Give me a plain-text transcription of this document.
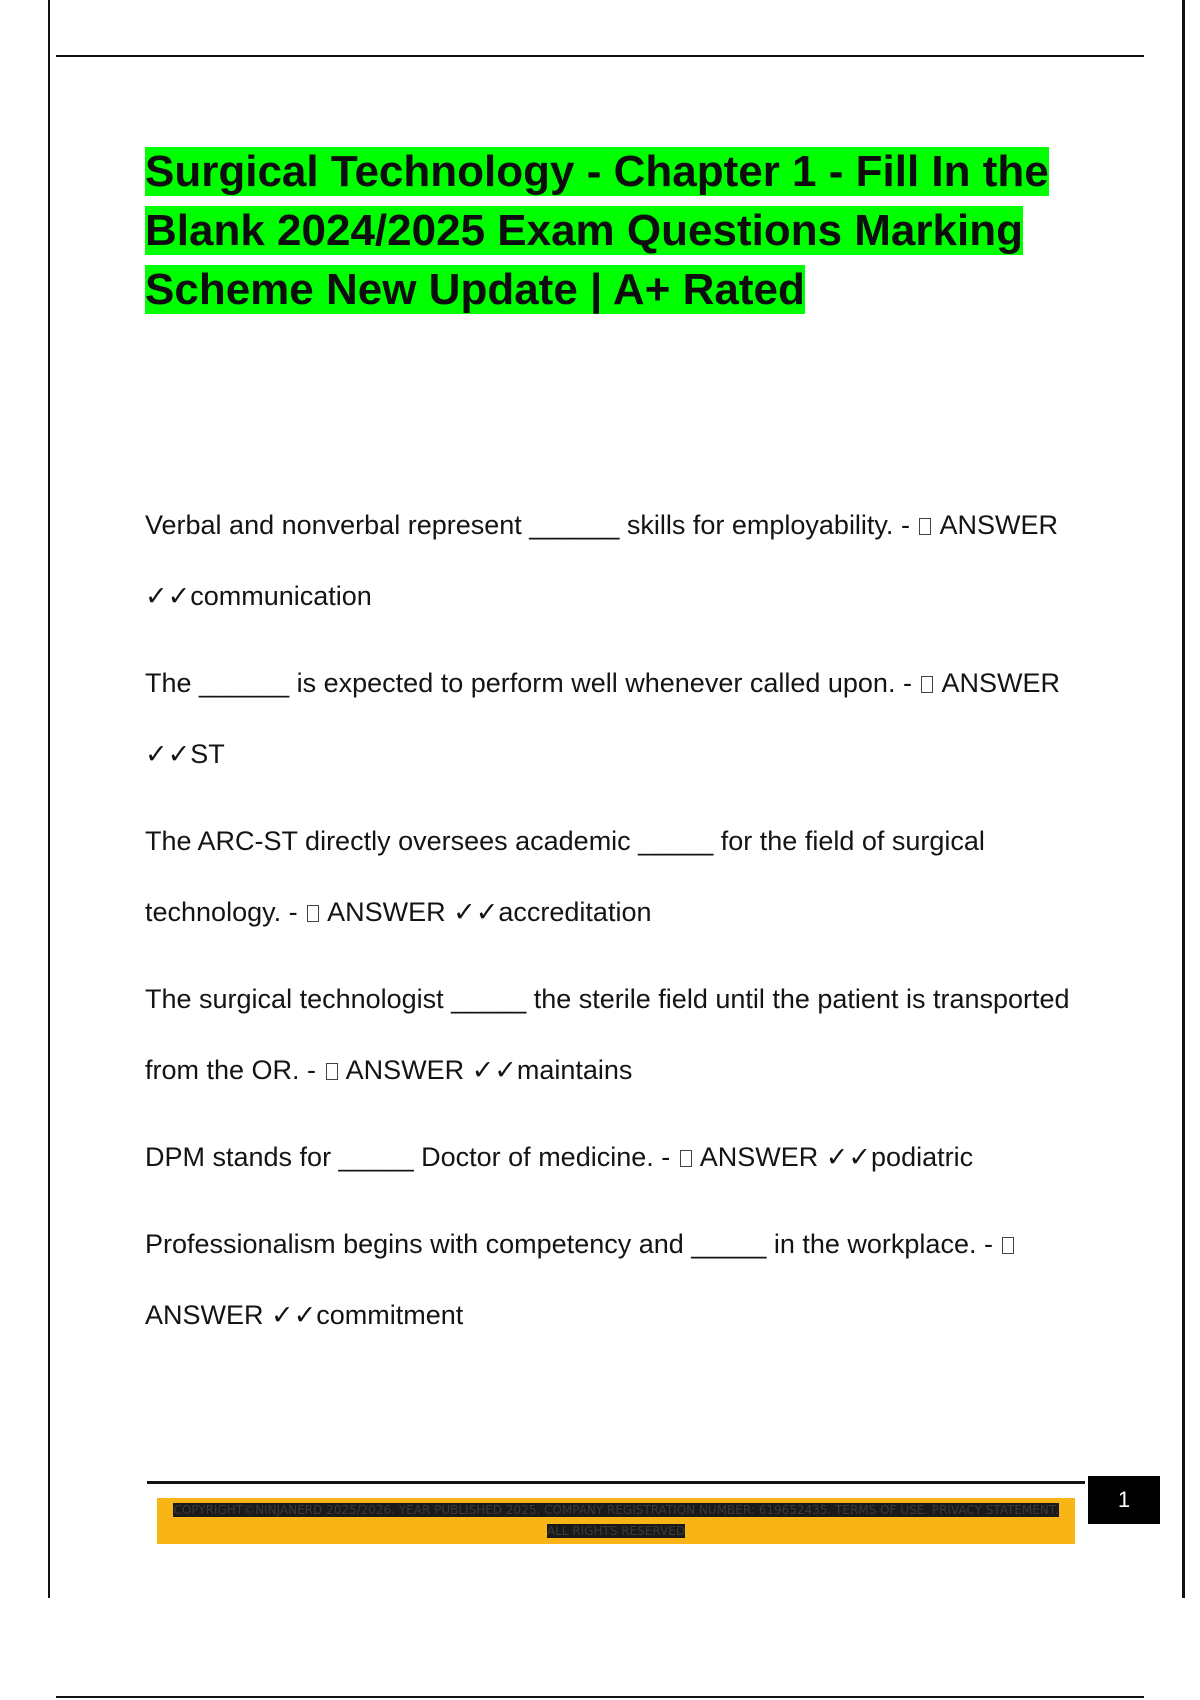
Surgical Technology - Chapter 1 - Fill In the Blank 2024/2025 Exam Questions Marking Scheme New Update | A+ Rated

Verbal and nonverbal represent ______ skills for employability. -  ANSWER ✓✓communication

The ______ is expected to perform well whenever called upon. -  ANSWER ✓✓ST

The ARC-ST directly oversees academic _____ for the field of surgical technology. -  ANSWER ✓✓accreditation

The surgical technologist _____ the sterile field until the patient is transported from the OR. -  ANSWER ✓✓maintains

DPM stands for _____ Doctor of medicine. -  ANSWER ✓✓podiatric

Professionalism begins with competency and _____ in the workplace. -  ANSWER ✓✓commitment

1
COPYRIGHT©NINJANERD 2025/2026. YEAR PUBLISHED 2025. COMPANY REGISTRATION NUMBER: 619652435. TERMS OF USE. PRIVACY STATEMENT. ALL RIGHTS RESERVED
